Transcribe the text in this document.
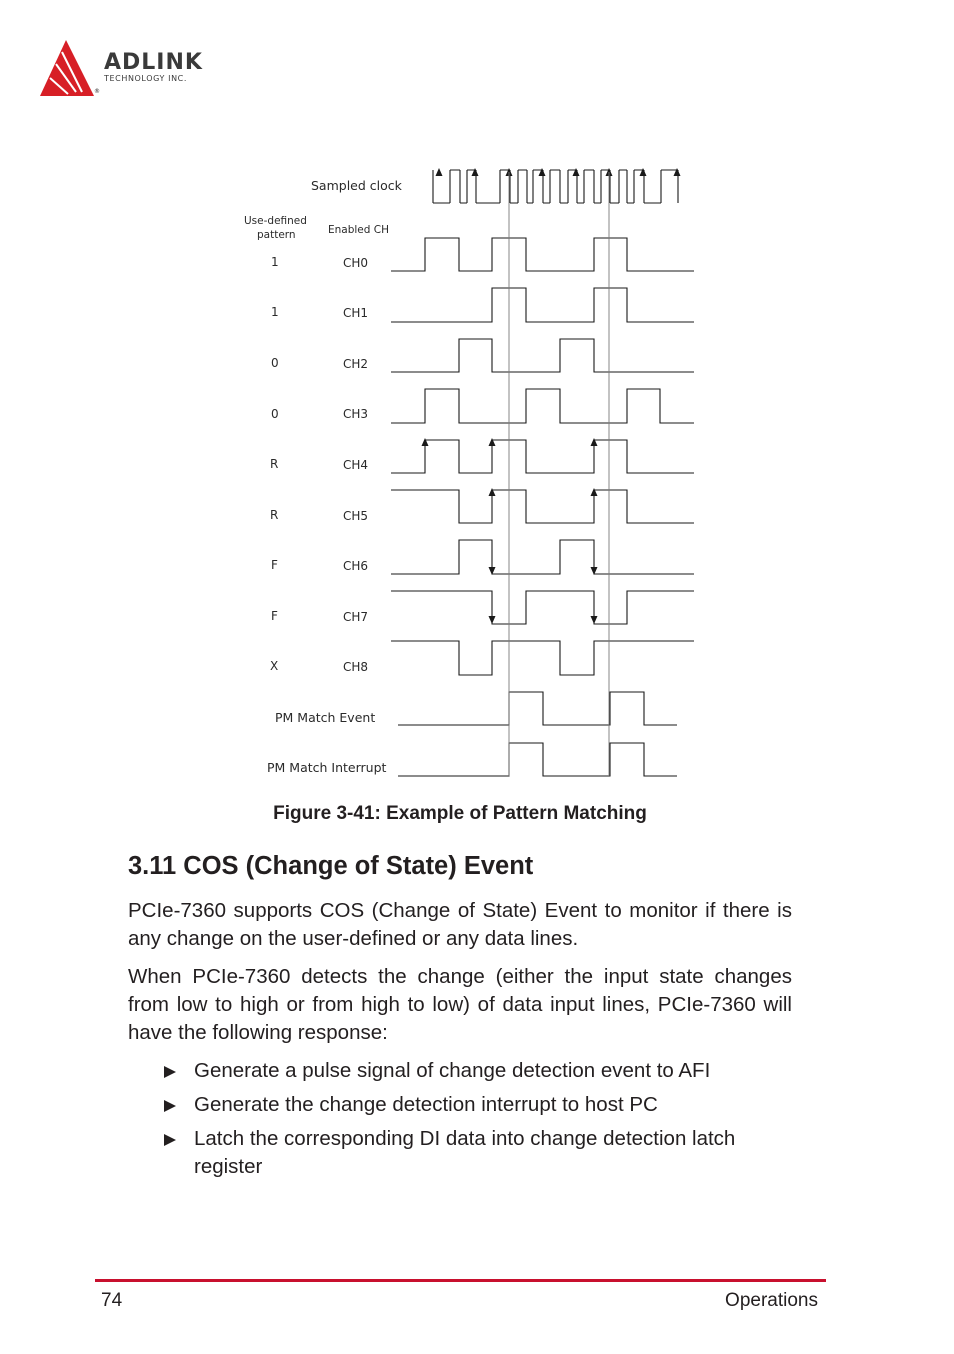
ADLINK
TECHNOLOGY INC.
®
Sampled clock
Use-defined
pattern	Enabled CH
1	CH0
1	CH1
0	CH2
0	CH3
R	CH4
R	CH5
F	CH6
F	CH7
X	CH8
PM Match Event
PM Match Interrupt
Figure 3-41: Example of Pattern Matching
3.11 COS (Change of State) Event

PCIe-7360 supports COS (Change of State) Event to monitor if there is any change on the user-defined or any data lines.

When PCIe-7360 detects the change (either the input state changes from low to high or from high to low) of data input lines, PCIe-7360 will have the following response:

Generate a pulse signal of change detection event to AFI
Generate the change detection interrupt to host PC
Latch the corresponding DI data into change detection latch register
74	Operations
